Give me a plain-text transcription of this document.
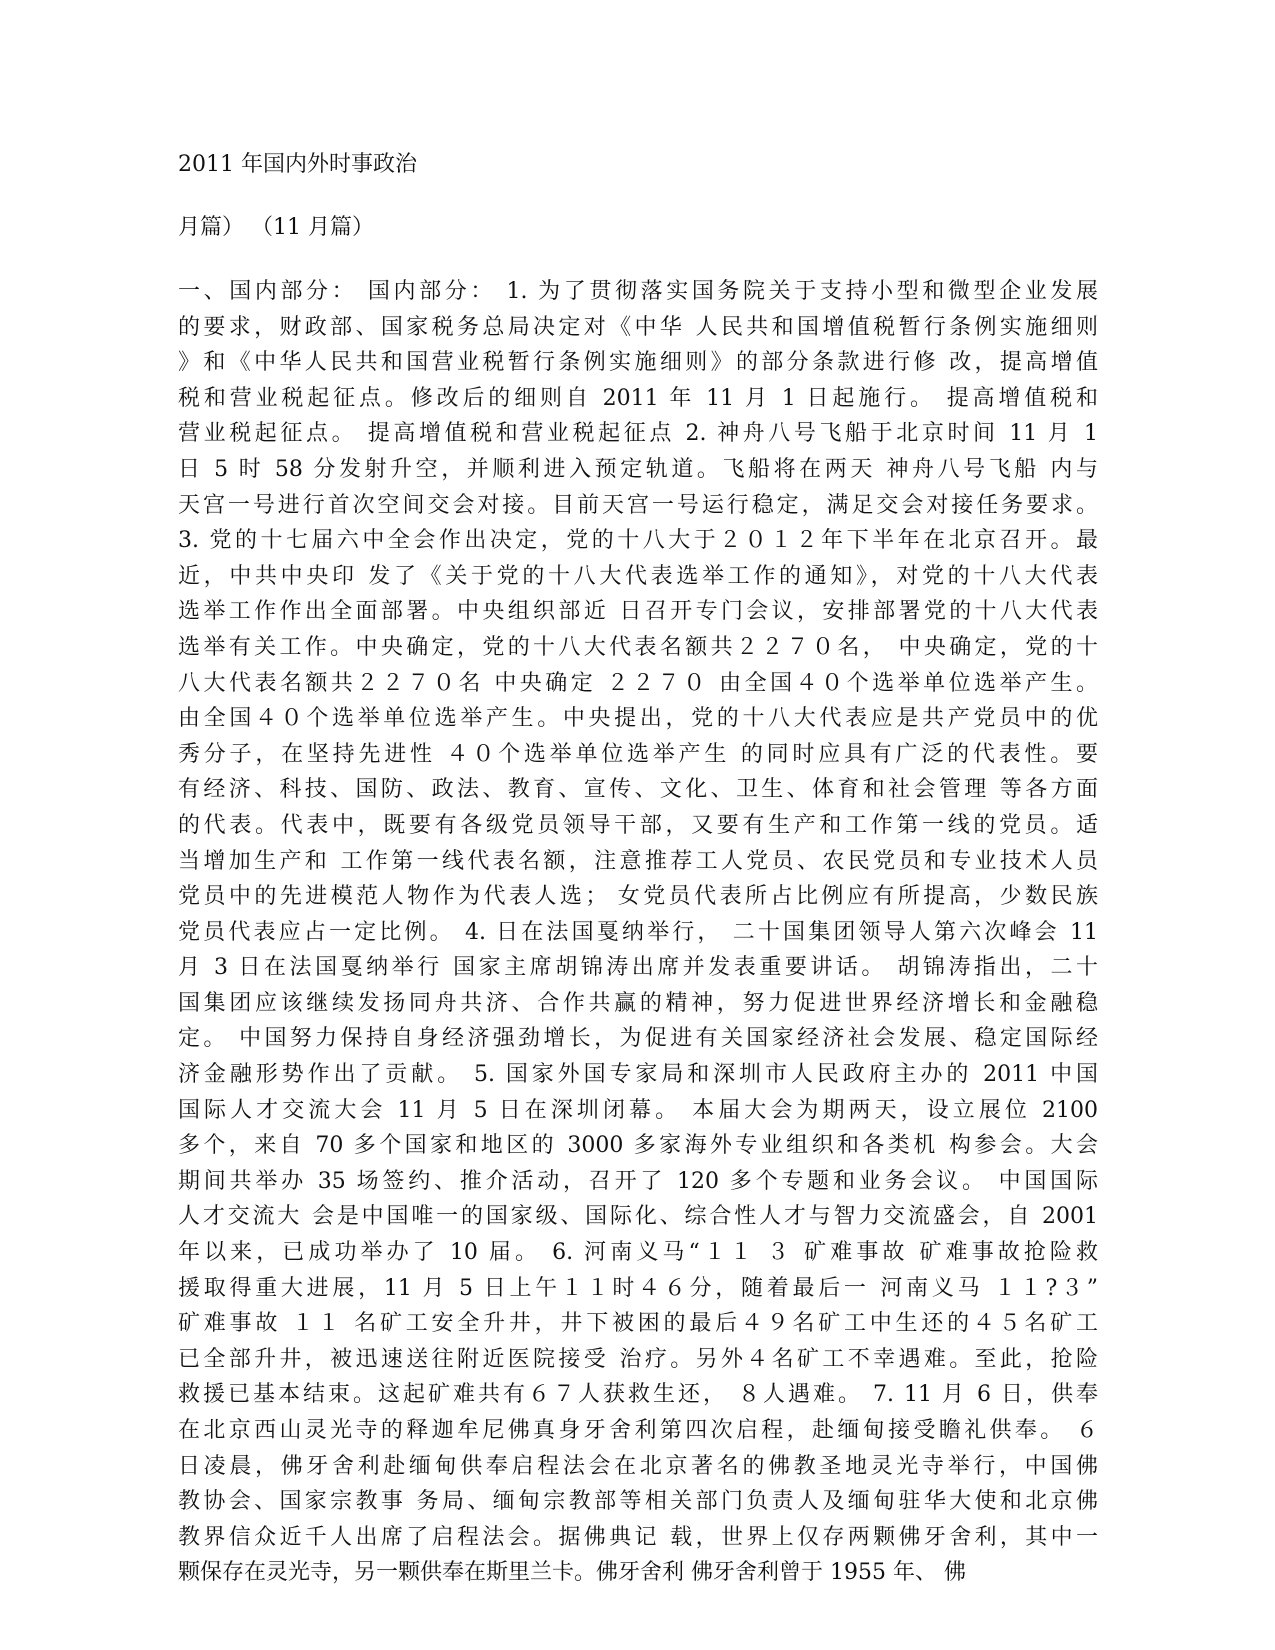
2011 年国内外时事政治
月篇） （11 月篇）
一、国内部分： 国内部分： 1. 为了贯彻落实国务院关于支持小型和微型企业发展
的要求，财政部、国家税务总局决定对《中华 人民共和国增值税暂行条例实施细则
》和《中华人民共和国营业税暂行条例实施细则》的部分条款进行修 改，提高增值
税和营业税起征点。修改后的细则自 2011 年 11 月 1 日起施行。 提高增值税和
营业税起征点。 提高增值税和营业税起征点 2. 神舟八号飞船于北京时间 11 月 1
日 5 时 58 分发射升空，并顺利进入预定轨道。飞船将在两天 神舟八号飞船 内与
天宫一号进行首次空间交会对接。目前天宫一号运行稳定，满足交会对接任务要求。
3. 党的十七届六中全会作出决定，党的十八大于２０１２年下半年在北京召开。最
近，中共中央印 发了《关于党的十八大代表选举工作的通知》，对党的十八大代表
选举工作作出全面部署。中央组织部近 日召开专门会议，安排部署党的十八大代表
选举有关工作。中央确定，党的十八大代表名额共２２７０名， 中央确定，党的十
八大代表名额共２２７０名 中央确定 ２２７０ 由全国４０个选举单位选举产生。
由全国４０个选举单位选举产生。中央提出，党的十八大代表应是共产党员中的优
秀分子，在坚持先进性 ４０个选举单位选举产生 的同时应具有广泛的代表性。要
有经济、科技、国防、政法、教育、宣传、文化、卫生、体育和社会管理 等各方面
的代表。代表中，既要有各级党员领导干部，又要有生产和工作第一线的党员。适
当增加生产和 工作第一线代表名额，注意推荐工人党员、农民党员和专业技术人员
党员中的先进模范人物作为代表人选； 女党员代表所占比例应有所提高，少数民族
党员代表应占一定比例。 4. 日在法国戛纳举行， 二十国集团领导人第六次峰会 11
月 3 日在法国戛纳举行 国家主席胡锦涛出席并发表重要讲话。 胡锦涛指出，二十
国集团应该继续发扬同舟共济、合作共赢的精神，努力促进世界经济增长和金融稳
定。 中国努力保持自身经济强劲增长，为促进有关国家经济社会发展、稳定国际经
济金融形势作出了贡献。 5. 国家外国专家局和深圳市人民政府主办的 2011 中国
国际人才交流大会 11 月 5 日在深圳闭幕。 本届大会为期两天，设立展位 2100
多个，来自 70 多个国家和地区的 3000 多家海外专业组织和各类机 构参会。大会
期间共举办 35 场签约、推介活动，召开了 120 多个专题和业务会议。 中国国际
人才交流大 会是中国唯一的国家级、国际化、综合性人才与智力交流盛会，自 2001
年以来，已成功举办了 10 届。 6. 河南义马“１１ ３ 矿难事故 矿难事故抢险救
援取得重大进展，11 月 5 日上午１１时４６分，随着最后一 河南义马 １１?３”
矿难事故 １１ 名矿工安全升井，井下被困的最后４９名矿工中生还的４５名矿工
已全部升井，被迅速送往附近医院接受 治疗。另外４名矿工不幸遇难。至此，抢险
救援已基本结束。这起矿难共有６７人获救生还， ８人遇难。 7. 11 月 6 日，供奉
在北京西山灵光寺的释迦牟尼佛真身牙舍利第四次启程，赴缅甸接受瞻礼供奉。 ６
日凌晨，佛牙舍利赴缅甸供奉启程法会在北京著名的佛教圣地灵光寺举行，中国佛
教协会、国家宗教事 务局、缅甸宗教部等相关部门负责人及缅甸驻华大使和北京佛
教界信众近千人出席了启程法会。据佛典记 载，世界上仅存两颗佛牙舍利，其中一
颗保存在灵光寺，另一颗供奉在斯里兰卡。佛牙舍利 佛牙舍利曾于 1955 年、 佛
